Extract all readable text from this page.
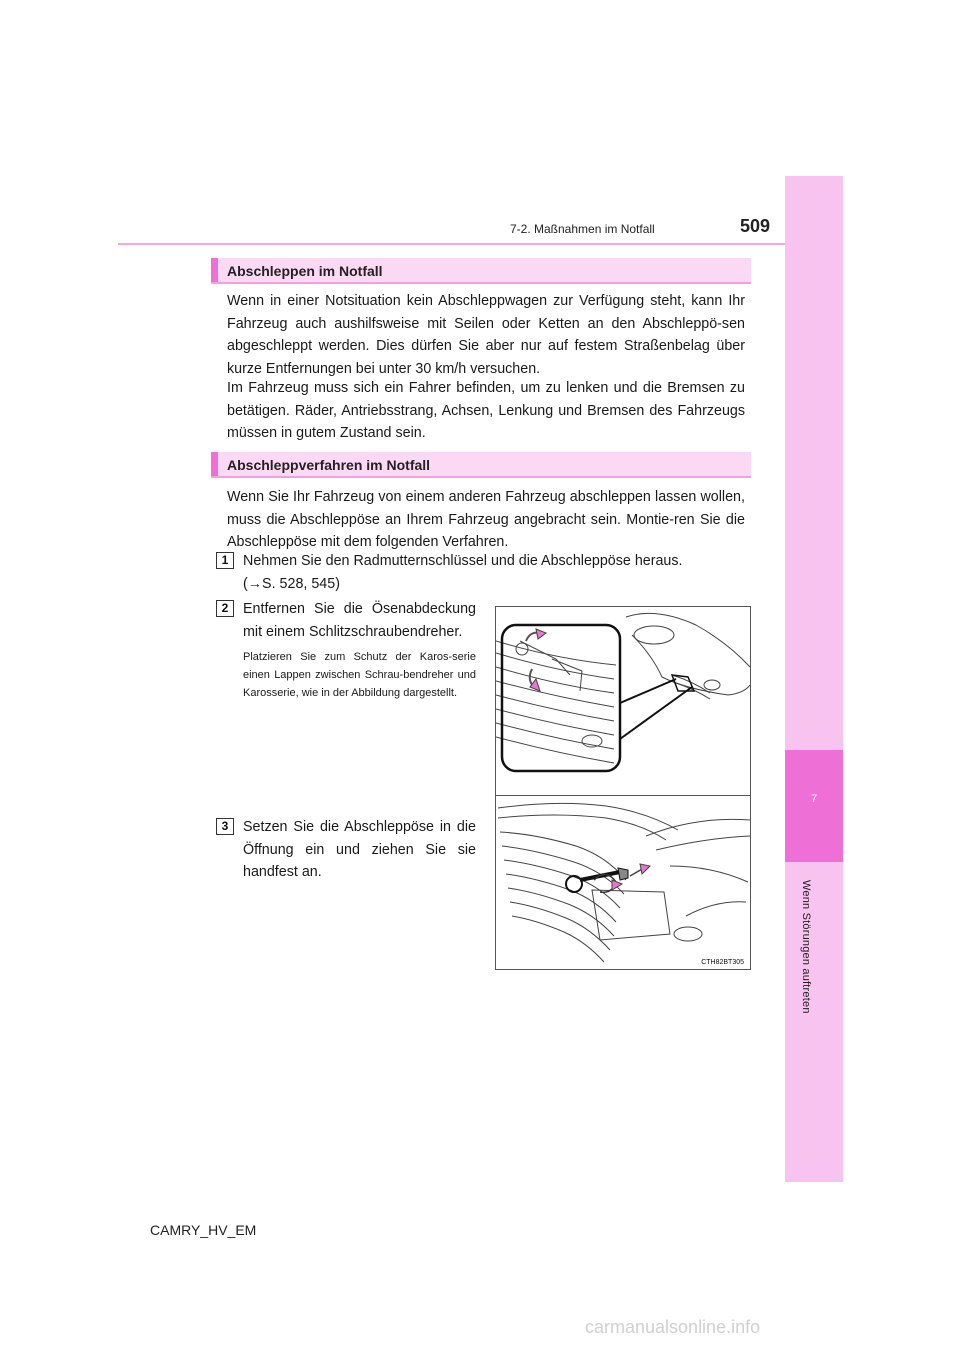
7
Wenn Störungen auftreten
7-2. Maßnahmen im Notfall	509
Abschleppen im Notfall

Wenn in einer Notsituation kein Abschleppwagen zur Verfügung steht, kann Ihr Fahrzeug auch aushilfsweise mit Seilen oder Ketten an den Abschleppö-sen abgeschleppt werden. Dies dürfen Sie aber nur auf festem Straßenbelag über kurze Entfernungen bei unter 30 km/h versuchen.

Im Fahrzeug muss sich ein Fahrer befinden, um zu lenken und die Bremsen zu betätigen. Räder, Antriebsstrang, Achsen, Lenkung und Bremsen des Fahrzeugs müssen in gutem Zustand sein.

Abschleppverfahren im Notfall

Wenn Sie Ihr Fahrzeug von einem anderen Fahrzeug abschleppen lassen wollen, muss die Abschleppöse an Ihrem Fahrzeug angebracht sein. Montie-ren Sie die Abschleppöse mit dem folgenden Verfahren.

1	Nehmen Sie den Radmutternschlüssel und die Abschleppöse heraus.
(→S. 528, 545)
2	Entfernen Sie die Ösenabdeckung mit einem Schlitzschraubendreher.
Platzieren Sie zum Schutz der Karos-serie einen Lappen zwischen Schrau-bendreher und Karosserie, wie in der Abbildung dargestellt.
3	Setzen Sie die Abschleppöse in die Öffnung ein und ziehen Sie sie handfest an.
CTH82BT305
CAMRY_HV_EM
carmanualsonline.info
